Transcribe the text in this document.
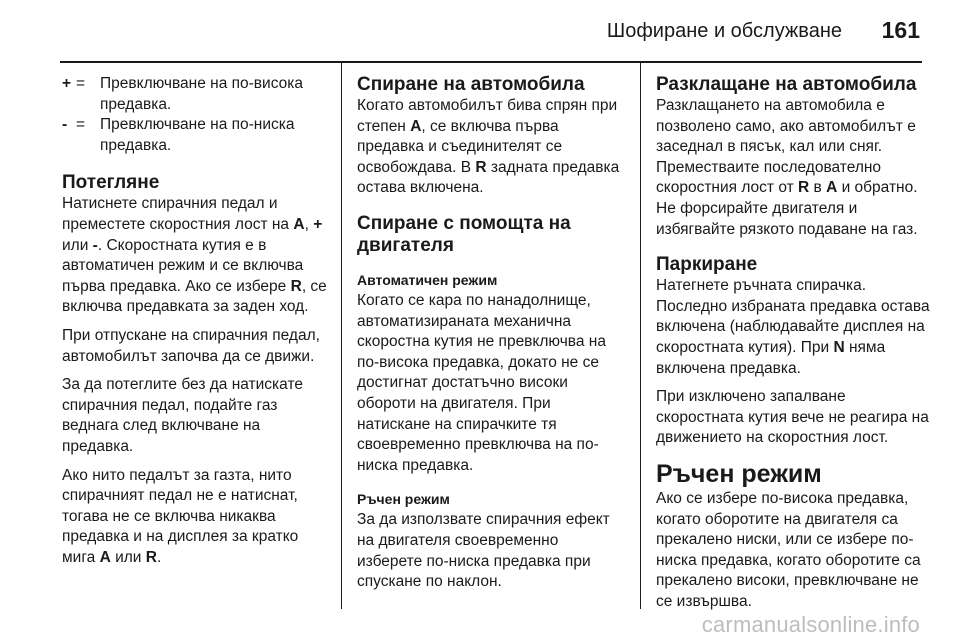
Шофиране и обслужване 161
+ = Превключване на по-висока предавка.
- = Превключване на по-ниска предавка.
Потегляне

Натиснете спирачния педал и преместете скоростния лост на A, + или -. Скоростната кутия е в автоматичен режим и се включва първа предавка. Ако се избере R, се включва предавката за заден ход.

При отпускане на спирачния педал, автомобилът започва да се движи.

За да потеглите без да натискате спирачния педал, подайте газ веднага след включване на предавка.

Ако нито педалът за газта, нито спирачният педал не е натиснат, тогава не се включва никаква предавка и на дисплея за кратко мига A или R.

Спиране на автомобила

Когато автомобилът бива спрян при степен A, се включва първа предавка и съединителят се освобождава. В R задната предавка остава включена.

Спиране с помощта на двигателя
Автоматичен режим

Когато се кара по нанадолнище, автоматизираната механична скоростна кутия не превключва на по-висока предавка, докато не се достигнат достатъчно високи обороти на двигателя. При натискане на спирачките тя своевременно превключва на по-ниска предавка.

Ръчен режим

За да използвате спирачния ефект на двигателя своевременно изберете по-ниска предавка при спускане по наклон.

Разклащане на автомобила

Разклащането на автомобила е позволено само, ако автомобилът е заседнал в пясък, кал или сняг. Преместваите последователно скоростния лост от R в A и обратно. Не форсирайте двигателя и избягвайте рязкото подаване на газ.

Паркиране

Натегнете ръчната спирачка. Последно избраната предавка остава включена (наблюдавайте дисплея на скоростната кутия). При N няма включена предавка.

При изключено запалване скоростната кутия вече не реагира на движението на скоростния лост.

Ръчен режим

Ако се избере по-висока предавка, когато оборотите на двигателя са прекалено ниски, или се избере по-ниска предавка, когато оборотите са прекалено високи, превключване не се извършва.

carmanualsonline.info
